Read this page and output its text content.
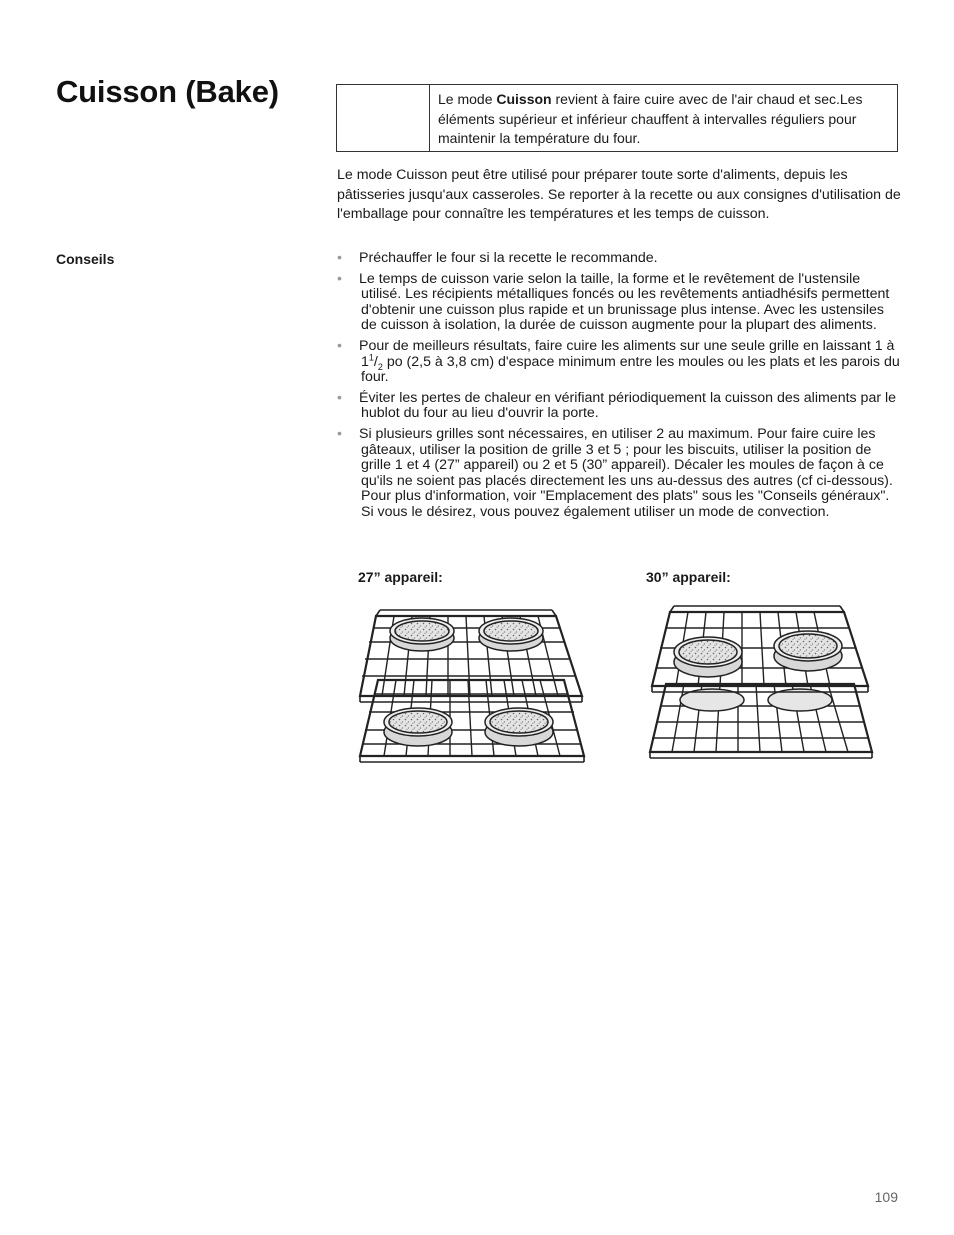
Cuisson (Bake)	Le mode Cuisson revient à faire cuire avec de l'air chaud et sec.Les éléments supérieur et inférieur chauffent à intervalles réguliers pour maintenir la température du four.

Le mode Cuisson peut être utilisé pour préparer toute sorte d'aliments, depuis les pâtisseries jusqu'aux casseroles. Se reporter à la recette ou aux consignes d'utilisation de l'emballage pour connaître les températures et les temps de cuisson.

Conseils	• Préchauffer le four si la recette le recommande.
• Le temps de cuisson varie selon la taille, la forme et le revêtement de l'ustensile utilisé. Les récipients métalliques foncés ou les revêtements antiadhésifs permettent d'obtenir une cuisson plus rapide et un brunissage plus intense. Avec les ustensiles de cuisson à isolation, la durée de cuisson augmente pour la plupart des aliments.
• Pour de meilleurs résultats, faire cuire les aliments sur une seule grille en laissant 1 à $1^1/_2$ po (2,5 à 3,8 cm) d'espace minimum entre les moules ou les plats et les parois du four.
• Éviter les pertes de chaleur en vérifiant périodiquement la cuisson des aliments par le hublot du four au lieu d'ouvrir la porte.
• Si plusieurs grilles sont nécessaires, en utiliser 2 au maximum. Pour faire cuire les gâteaux, utiliser la position de grille 3 et 5 ; pour les biscuits, utiliser la position de grille 1 et 4 (27” appareil) ou 2 et 5 (30” appareil). Décaler les moules de façon à ce qu'ils ne soient pas placés directement les uns au-dessus des autres (cf ci-dessous). Pour plus d'information, voir "Emplacement des plats" sous les "Conseils généraux". Si vous le désirez, vous pouvez également utiliser un mode de convection.
27” appareil:	30” appareil:
109
